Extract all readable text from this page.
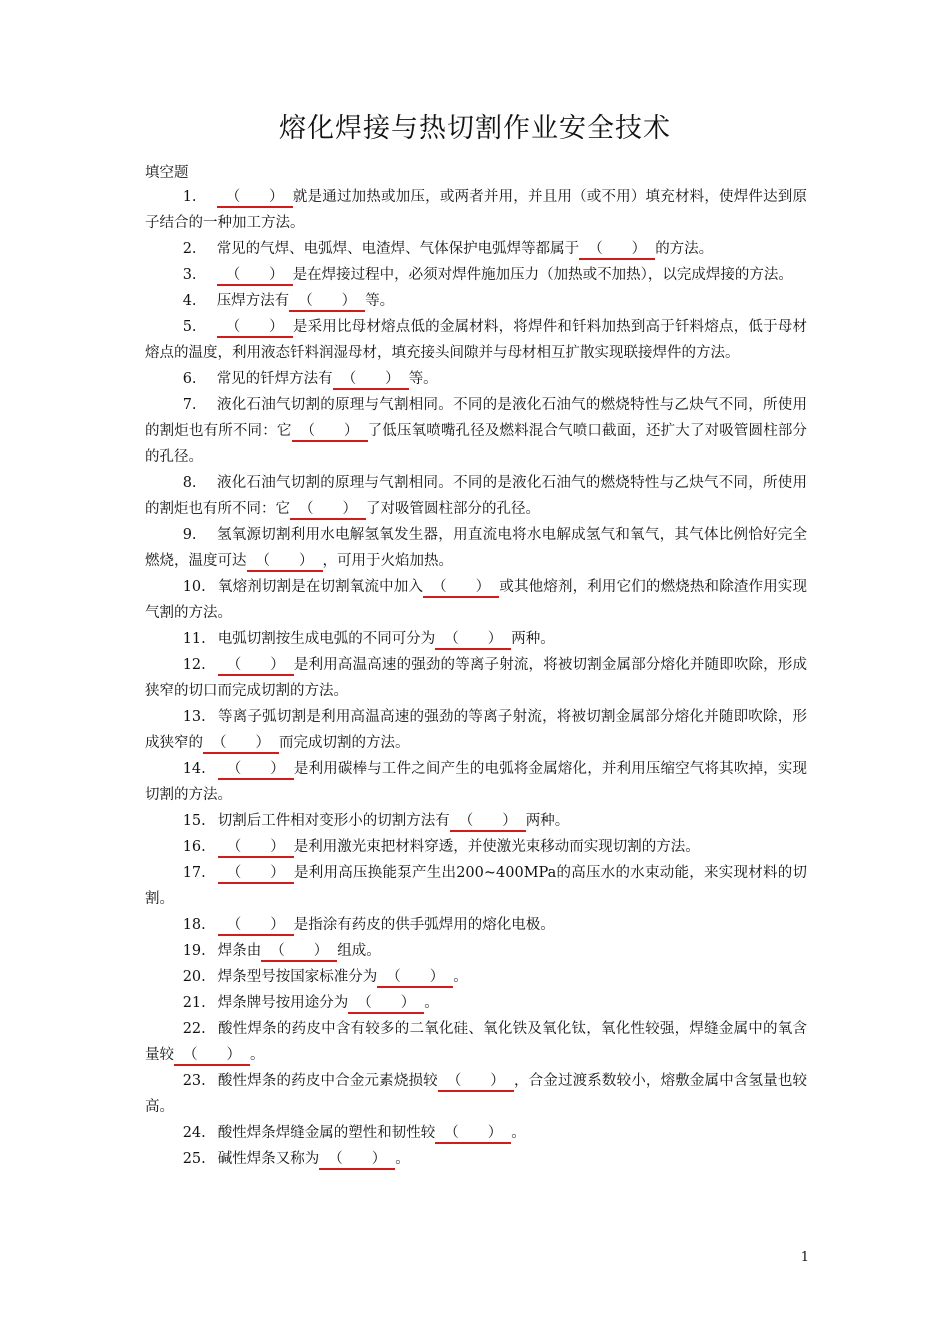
熔化焊接与热切割作业安全技术
填空题

1. （　　） 就是通过加热或加压，或两者并用，并且用（或不用）填充材料，使焊件达到原子结合的一种加工方法。

2. 常见的气焊、电弧焊、电渣焊、气体保护电弧焊等都属于 （　　） 的方法。

3. （　　） 是在焊接过程中，必须对焊件施加压力（加热或不加热），以完成焊接的方法。

4. 压焊方法有 （　　） 等。

5. （　　） 是采用比母材熔点低的金属材料，将焊件和钎料加热到高于钎料熔点，低于母材熔点的温度，利用液态钎料润湿母材，填充接头间隙并与母材相互扩散实现联接焊件的方法。

6. 常见的钎焊方法有 （　　） 等。

7. 液化石油气切割的原理与气割相同。不同的是液化石油气的燃烧特性与乙炔气不同，所使用的割炬也有所不同：它 （　　） 了低压氧喷嘴孔径及燃料混合气喷口截面，还扩大了对吸管圆柱部分的孔径。

8. 液化石油气切割的原理与气割相同。不同的是液化石油气的燃烧特性与乙炔气不同，所使用的割炬也有所不同：它 （　　） 了对吸管圆柱部分的孔径。

9. 氢氧源切割利用水电解氢氧发生器，用直流电将水电解成氢气和氧气，其气体比例恰好完全燃烧，温度可达 （　　） ，可用于火焰加热。

10. 氧熔剂切割是在切割氧流中加入 （　　） 或其他熔剂，利用它们的燃烧热和除渣作用实现气割的方法。

11. 电弧切割按生成电弧的不同可分为 （　　） 两种。

12. （　　） 是利用高温高速的强劲的等离子射流，将被切割金属部分熔化并随即吹除，形成狭窄的切口而完成切割的方法。

13. 等离子弧切割是利用高温高速的强劲的等离子射流，将被切割金属部分熔化并随即吹除，形成狭窄的 （　　） 而完成切割的方法。

14. （　　） 是利用碳棒与工件之间产生的电弧将金属熔化，并利用压缩空气将其吹掉，实现切割的方法。

15. 切割后工件相对变形小的切割方法有 （　　） 两种。

16. （　　） 是利用激光束把材料穿透，并使激光束移动而实现切割的方法。

17. （　　） 是利用高压换能泵产生出200~400MPa的高压水的水束动能，来实现材料的切割。

18. （　　） 是指涂有药皮的供手弧焊用的熔化电极。

19. 焊条由 （　　） 组成。

20. 焊条型号按国家标准分为 （　　） 。

21. 焊条牌号按用途分为 （　　） 。

22. 酸性焊条的药皮中含有较多的二氧化硅、氧化铁及氧化钛，氧化性较强，焊缝金属中的氧含量较 （　　） 。

23. 酸性焊条的药皮中合金元素烧损较 （　　） ，合金过渡系数较小，熔敷金属中含氢量也较高。

24. 酸性焊条焊缝金属的塑性和韧性较 （　　） 。

25. 碱性焊条又称为 （　　） 。

1
